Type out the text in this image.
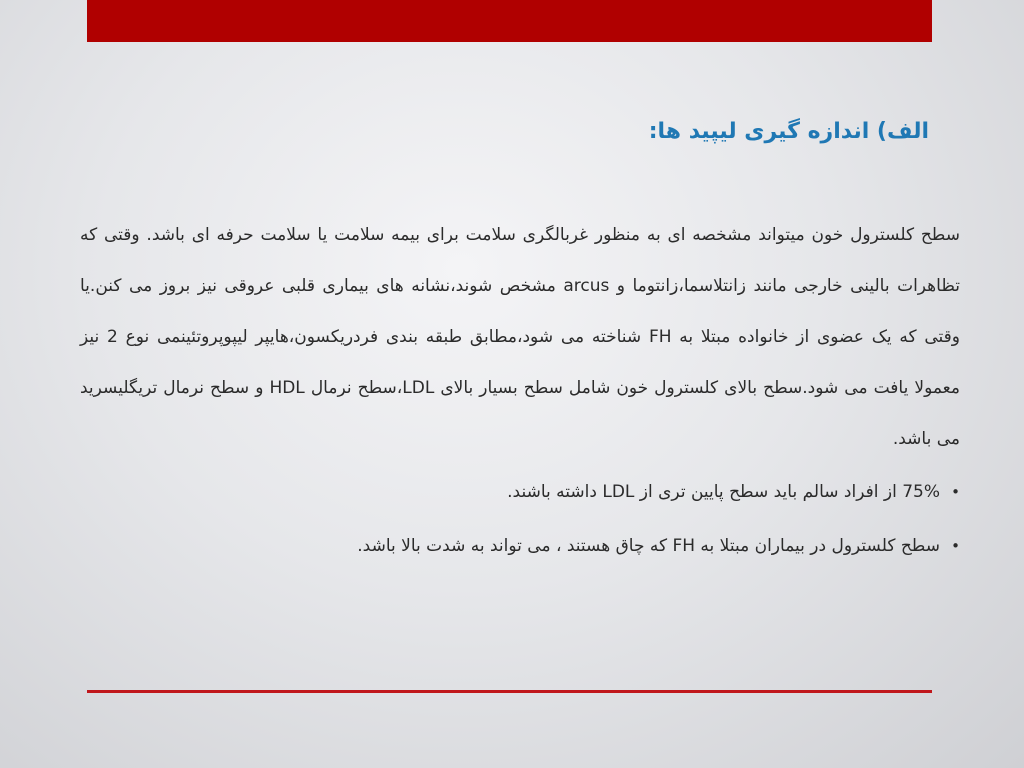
الف) اندازه گیری لیپید ها:

سطح کلسترول خون میتواند مشخصه ای به منظور غربالگری سلامت برای بیمه سلامت یا سلامت حرفه ای باشد. وقتی که تظاهرات بالینی خارجی مانند زانتلاسما،زانتوما و arcus مشخص شوند،نشانه های بیماری قلبی عروقی نیز بروز می کنن.یا وقتی که یک عضوی از خانواده مبتلا به FH شناخته می شود،مطابق طبقه بندی فردریکسون،هایپر لیپوپروتئینمی نوع 2 نیز معمولا یافت می شود.سطح بالای کلسترول خون شامل سطح بسیار بالای LDL،سطح نرمال HDL و سطح نرمال تریگلیسرید می باشد.

•
75% از افراد سالم باید سطح پایین تری از LDL داشته باشند.
•
سطح کلسترول در بیماران مبتلا به FH که چاق هستند ، می تواند به شدت بالا باشد.
